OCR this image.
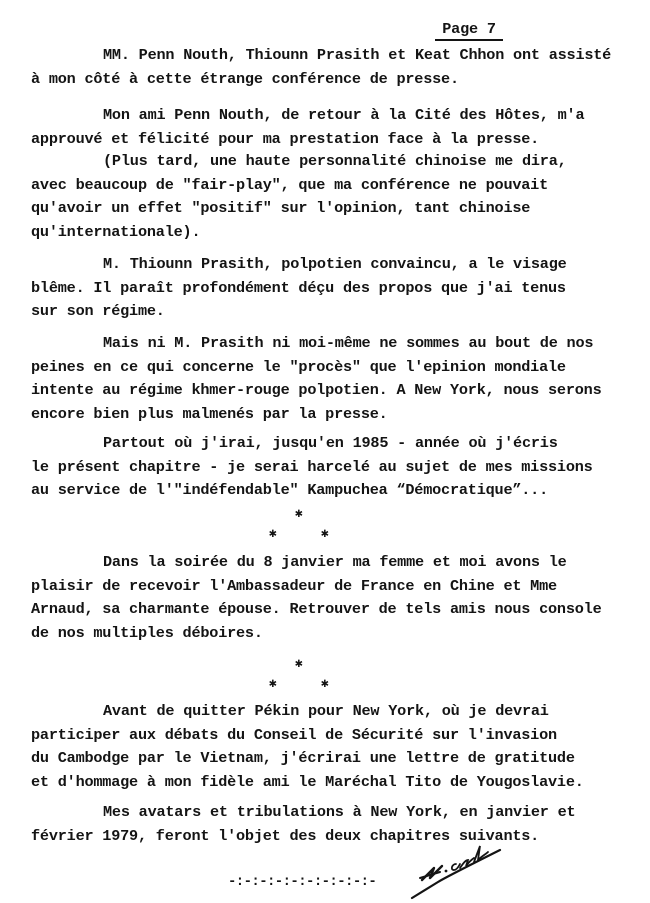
Page 7
MM. Penn Nouth, Thiounn Prasith et Keat Chhon ont assisté
à mon côté à cette étrange conférence de presse.
Mon ami Penn Nouth, de retour à la Cité des Hôtes, m'a
approuvé et félicité pour ma prestation face à la presse.
(Plus tard, une haute personnalité chinoise me dira,
avec beaucoup de "fair-play", que ma conférence ne pouvait
qu'avoir un effet "positif" sur l'opinion, tant chinoise
qu'internationale).
M. Thiounn Prasith, polpotien convaincu, a le visage
blême. Il paraît profondément déçu des propos que j'ai tenus
sur son régime.
Mais ni M. Prasith ni moi-même ne sommes au bout de nos
peines en ce qui concerne le "procès" que l'epinion mondiale
intente au régime khmer-rouge polpotien. A New York, nous serons
encore bien plus malmenés par la presse.
Partout où j'irai, jusqu'en 1985 - année où j'écris
le présent chapitre - je serai harcelé au sujet de mes missions
au service de l'"indéfendable" Kampuchea “Démocratique”...
✱
✱	✱
Dans la soirée du 8 janvier ma femme et moi avons le
plaisir de recevoir l'Ambassadeur de France en Chine et Mme
Arnaud, sa charmante épouse. Retrouver de tels amis nous console
de nos multiples déboires.
✱
✱	✱
Avant de quitter Pékin pour New York, où je devrai
participer aux débats du Conseil de Sécurité sur l'invasion
du Cambodge par le Vietnam, j'écrirai une lettre de gratitude
et d'hommage à mon fidèle ami le Maréchal Tito de Yougoslavie.
Mes avatars et tribulations à New York, en janvier et
février 1979, feront l'objet des deux chapitres suivants.
-:-:-:-:-:-:-:-:-:-
